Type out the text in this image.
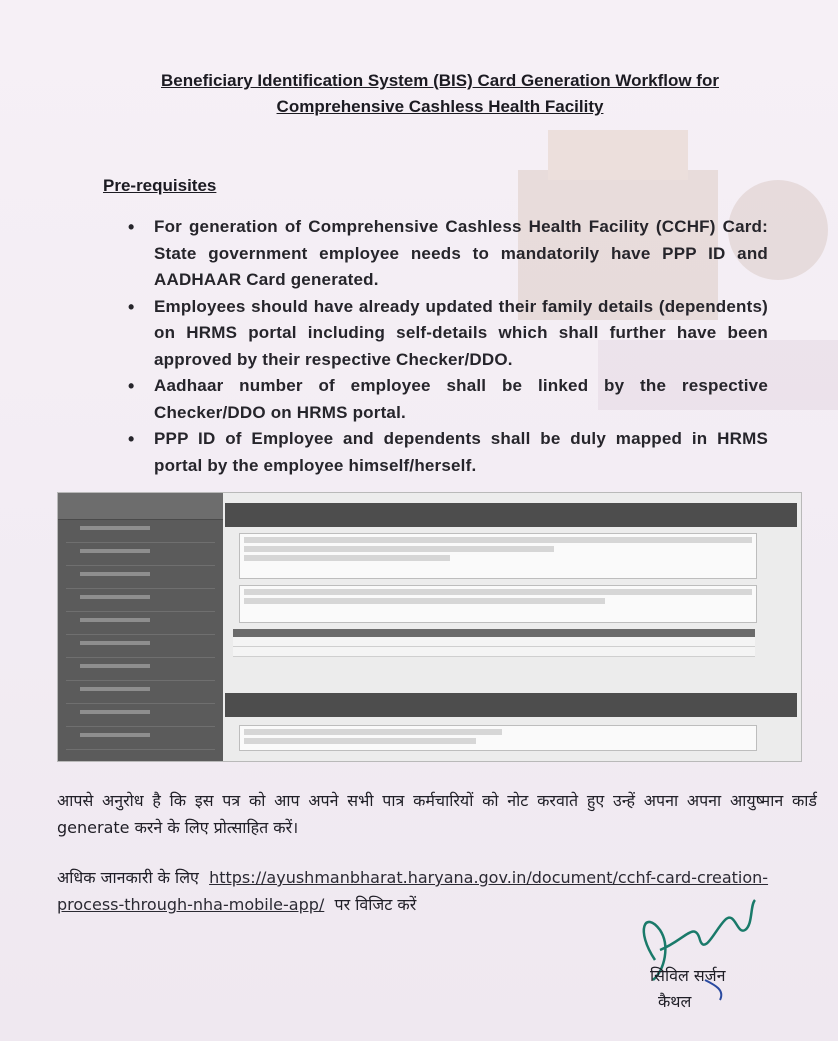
Beneficiary Identification System (BIS) Card Generation Workflow for
Comprehensive Cashless Health Facility
Pre-requisites
• For generation of Comprehensive Cashless Health Facility (CCHF) Card: State government employee needs to mandatorily have PPP ID and AADHAAR Card generated.
• Employees should have already updated their family details (dependents) on HRMS portal including self-details which shall further have been approved by their respective Checker/DDO.
• Aadhaar number of employee shall be linked by the respective Checker/DDO on HRMS portal.
• PPP ID of Employee and dependents shall be duly mapped in HRMS portal by the employee himself/herself.
आपसे अनुरोध है कि इस पत्र को आप अपने सभी पात्र कर्मचारियों को नोट करवाते हुए उन्हें अपना अपना आयुष्मान कार्ड generate करने के लिए प्रोत्साहित करें।
अधिक जानकारी के लिए https://ayushmanbharat.haryana.gov.in/document/cchf-card-creation-process-through-nha-mobile-app/ पर विजिट करें
सिविल सर्जन
कैथल
